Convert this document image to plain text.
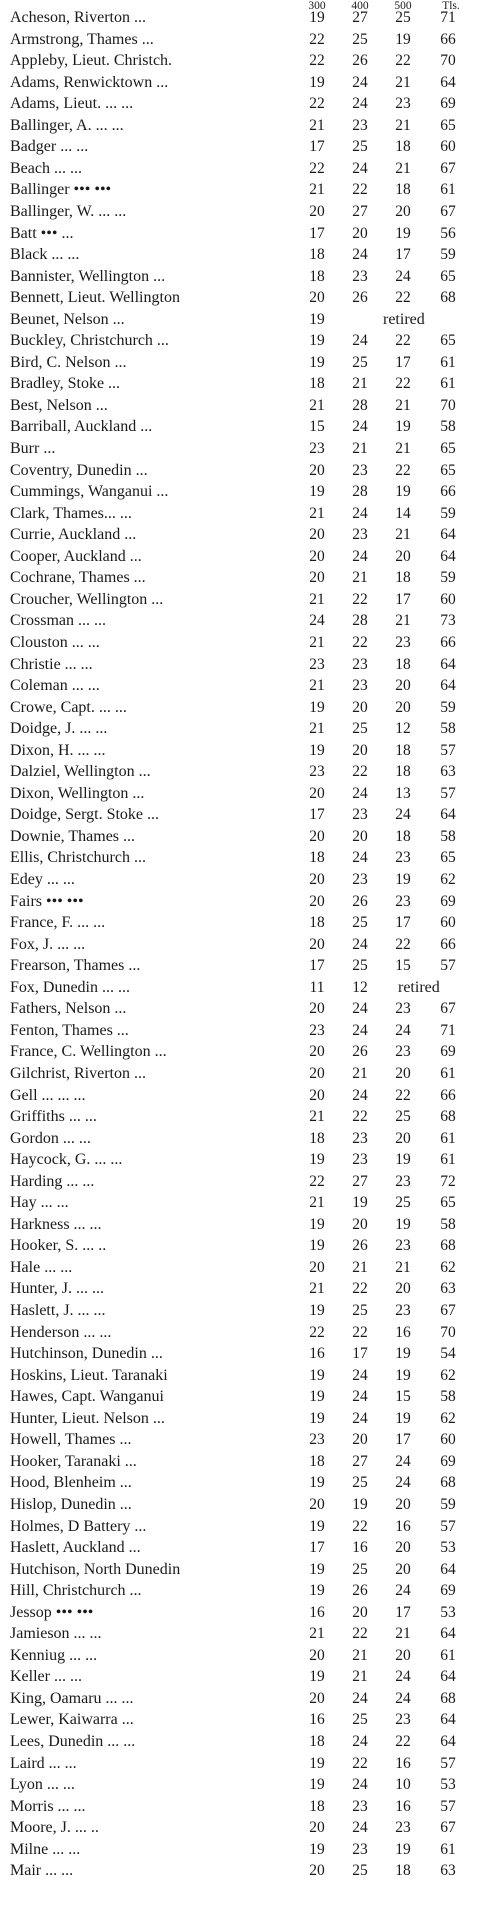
300	400	500	Tls.
Acheson, Riverton ...	19	27	25	71
Armstrong, Thames ...	22	25	19	66
Appleby, Lieut. Christch.	22	26	22	70
Adams, Renwicktown ...	19	24	21	64
Adams, Lieut. ... ...	22	24	23	69
Ballinger, A. ... ...	21	23	21	65
Badger ... ...	17	25	18	60
Beach ... ...	22	24	21	67
Ballinger ••• •••	21	22	18	61
Ballinger, W. ... ...	20	27	20	67
Batt ••• ...	17	20	19	56
Black ... ...	18	24	17	59
Bannister, Wellington ...	18	23	24	65
Bennett, Lieut. Wellington	20	26	22	68
Beunet, Nelson ...	19	retired
Buckley, Christchurch ...	19	24	22	65
Bird, C. Nelson ...	19	25	17	61
Bradley, Stoke ...	18	21	22	61
Best, Nelson ...	21	28	21	70
Barriball, Auckland ...	15	24	19	58
Burr ...	23	21	21	65
Coventry, Dunedin ...	20	23	22	65
Cummings, Wanganui ...	19	28	19	66
Clark, Thames... ...	21	24	14	59
Currie, Auckland ...	20	23	21	64
Cooper, Auckland ...	20	24	20	64
Cochrane, Thames ...	20	21	18	59
Croucher, Wellington ...	21	22	17	60
Crossman ... ...	24	28	21	73
Clouston ... ...	21	22	23	66
Christie ... ...	23	23	18	64
Coleman ... ...	21	23	20	64
Crowe, Capt. ... ...	19	20	20	59
Doidge, J. ... ...	21	25	12	58
Dixon, H. ... ...	19	20	18	57
Dalziel, Wellington ...	23	22	18	63
Dixon, Wellington ...	20	24	13	57
Doidge, Sergt. Stoke ...	17	23	24	64
Downie, Thames ...	20	20	18	58
Ellis, Christchurch ...	18	24	23	65
Edey ... ...	20	23	19	62
Fairs ••• •••	20	26	23	69
France, F. ... ...	18	25	17	60
Fox, J. ... ...	20	24	22	66
Frearson, Thames ...	17	25	15	57
Fox, Dunedin ... ...	11	12	retired
Fathers, Nelson ...	20	24	23	67
Fenton, Thames ...	23	24	24	71
France, C. Wellington ...	20	26	23	69
Gilchrist, Riverton ...	20	21	20	61
Gell ... ... ...	20	24	22	66
Griffiths ... ...	21	22	25	68
Gordon ... ...	18	23	20	61
Haycock, G. ... ...	19	23	19	61
Harding ... ...	22	27	23	72
Hay ... ...	21	19	25	65
Harkness ... ...	19	20	19	58
Hooker, S. ... ..	19	26	23	68
Hale ... ...	20	21	21	62
Hunter, J. ... ...	21	22	20	63
Haslett, J. ... ...	19	25	23	67
Henderson ... ...	22	22	16	70
Hutchinson, Dunedin ...	16	17	19	54
Hoskins, Lieut. Taranaki	19	24	19	62
Hawes, Capt. Wanganui	19	24	15	58
Hunter, Lieut. Nelson ...	19	24	19	62
Howell, Thames ...	23	20	17	60
Hooker, Taranaki ...	18	27	24	69
Hood, Blenheim ...	19	25	24	68
Hislop, Dunedin ...	20	19	20	59
Holmes, D Battery ...	19	22	16	57
Haslett, Auckland ...	17	16	20	53
Hutchison, North Dunedin	19	25	20	64
Hill, Christchurch ...	19	26	24	69
Jessop ••• •••	16	20	17	53
Jamieson ... ...	21	22	21	64
Kenniug ... ...	20	21	20	61
Keller ... ...	19	21	24	64
King, Oamaru ... ...	20	24	24	68
Lewer, Kaiwarra ...	16	25	23	64
Lees, Dunedin ... ...	18	24	22	64
Laird ... ...	19	22	16	57
Lyon ... ...	19	24	10	53
Morris ... ...	18	23	16	57
Moore, J. ... ..	20	24	23	67
Milne ... ...	19	23	19	61
Mair ... ...	20	25	18	63
